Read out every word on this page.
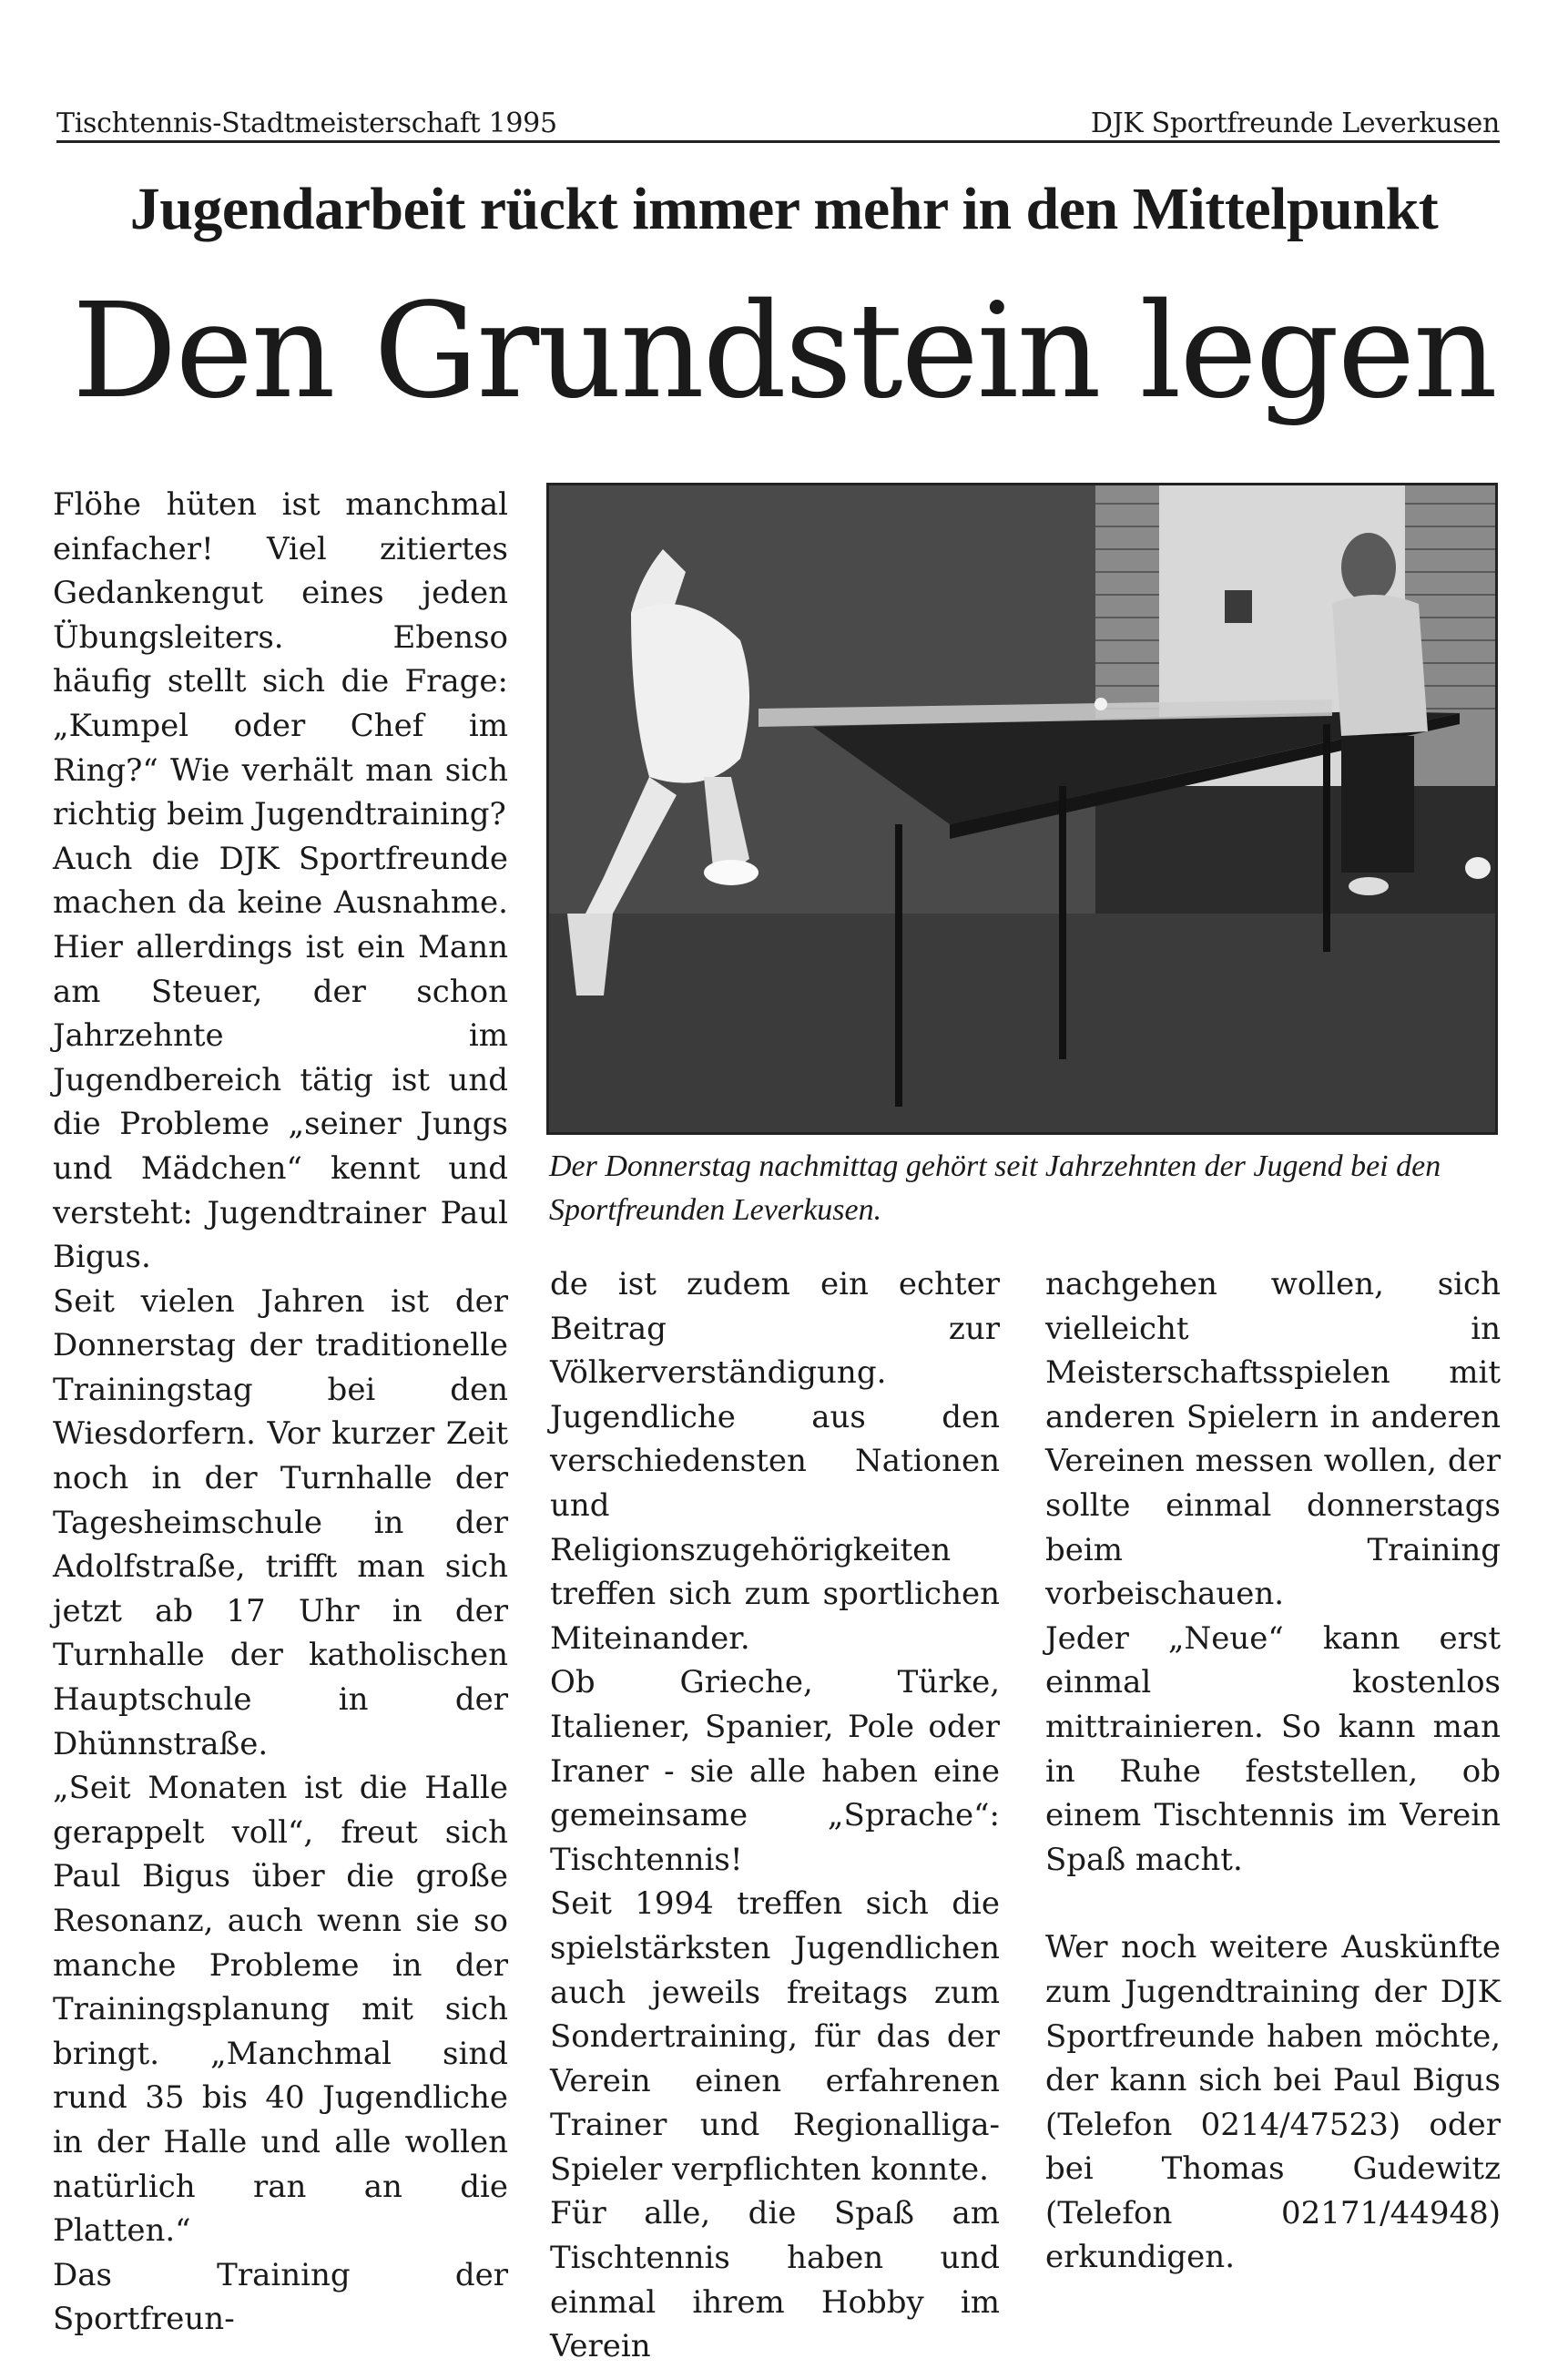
Tischtennis-Stadtmeisterschaft 1995	DJK Sportfreunde Leverkusen
Jugendarbeit rückt immer mehr in den Mittelpunkt
Den Grundstein legen

Flöhe hüten ist manchmal einfacher! Viel zitiertes Gedankengut eines jeden Übungsleiters. Ebenso häufig stellt sich die Frage: „Kumpel oder Chef im Ring?“ Wie verhält man sich richtig beim Jugendtraining?

Auch die DJK Sportfreunde machen da keine Ausnahme. Hier allerdings ist ein Mann am Steuer, der schon Jahrzehnte im Jugendbereich tätig ist und die Probleme „seiner Jungs und Mädchen“ kennt und versteht: Jugendtrainer Paul Bigus.

Seit vielen Jahren ist der Donnerstag der traditionelle Trainingstag bei den Wiesdorfern. Vor kurzer Zeit noch in der Turnhalle der Tagesheimschule in der Adolfstraße, trifft man sich jetzt ab 17 Uhr in der Turnhalle der katholischen Hauptschule in der Dhünnstraße.

„Seit Monaten ist die Halle gerappelt voll“, freut sich Paul Bigus über die große Resonanz, auch wenn sie so manche Probleme in der Trainingsplanung mit sich bringt. „Manchmal sind rund 35 bis 40 Jugendliche in der Halle und alle wollen natürlich ran an die Platten.“

Das Training der Sportfreun-

Der Donnerstag nachmittag gehört seit Jahrzehnten der Jugend bei den Sportfreunden Leverkusen.

de ist zudem ein echter Beitrag zur Völkerverständigung. Jugendliche aus den verschiedensten Nationen und Religionszugehörigkeiten treffen sich zum sportlichen Miteinander.

Ob Grieche, Türke, Italiener, Spanier, Pole oder Iraner - sie alle haben eine gemeinsame „Sprache“: Tischtennis!

Seit 1994 treffen sich die spielstärksten Jugendlichen auch jeweils freitags zum Sondertraining, für das der Verein einen erfahrenen Trainer und Regionalliga-Spieler verpflichten konnte.

Für alle, die Spaß am Tischtennis haben und einmal ihrem Hobby im Verein

nachgehen wollen, sich vielleicht in Meisterschaftsspielen mit anderen Spielern in anderen Vereinen messen wollen, der sollte einmal donnerstags beim Training vorbeischauen.

Jeder „Neue“ kann erst einmal kostenlos mittrainieren. So kann man in Ruhe feststellen, ob einem Tischtennis im Verein Spaß macht.

Wer noch weitere Auskünfte zum Jugendtraining der DJK Sportfreunde haben möchte, der kann sich bei Paul Bigus (Telefon 0214/47523) oder bei Thomas Gudewitz (Telefon 02171/44948) erkundigen.
